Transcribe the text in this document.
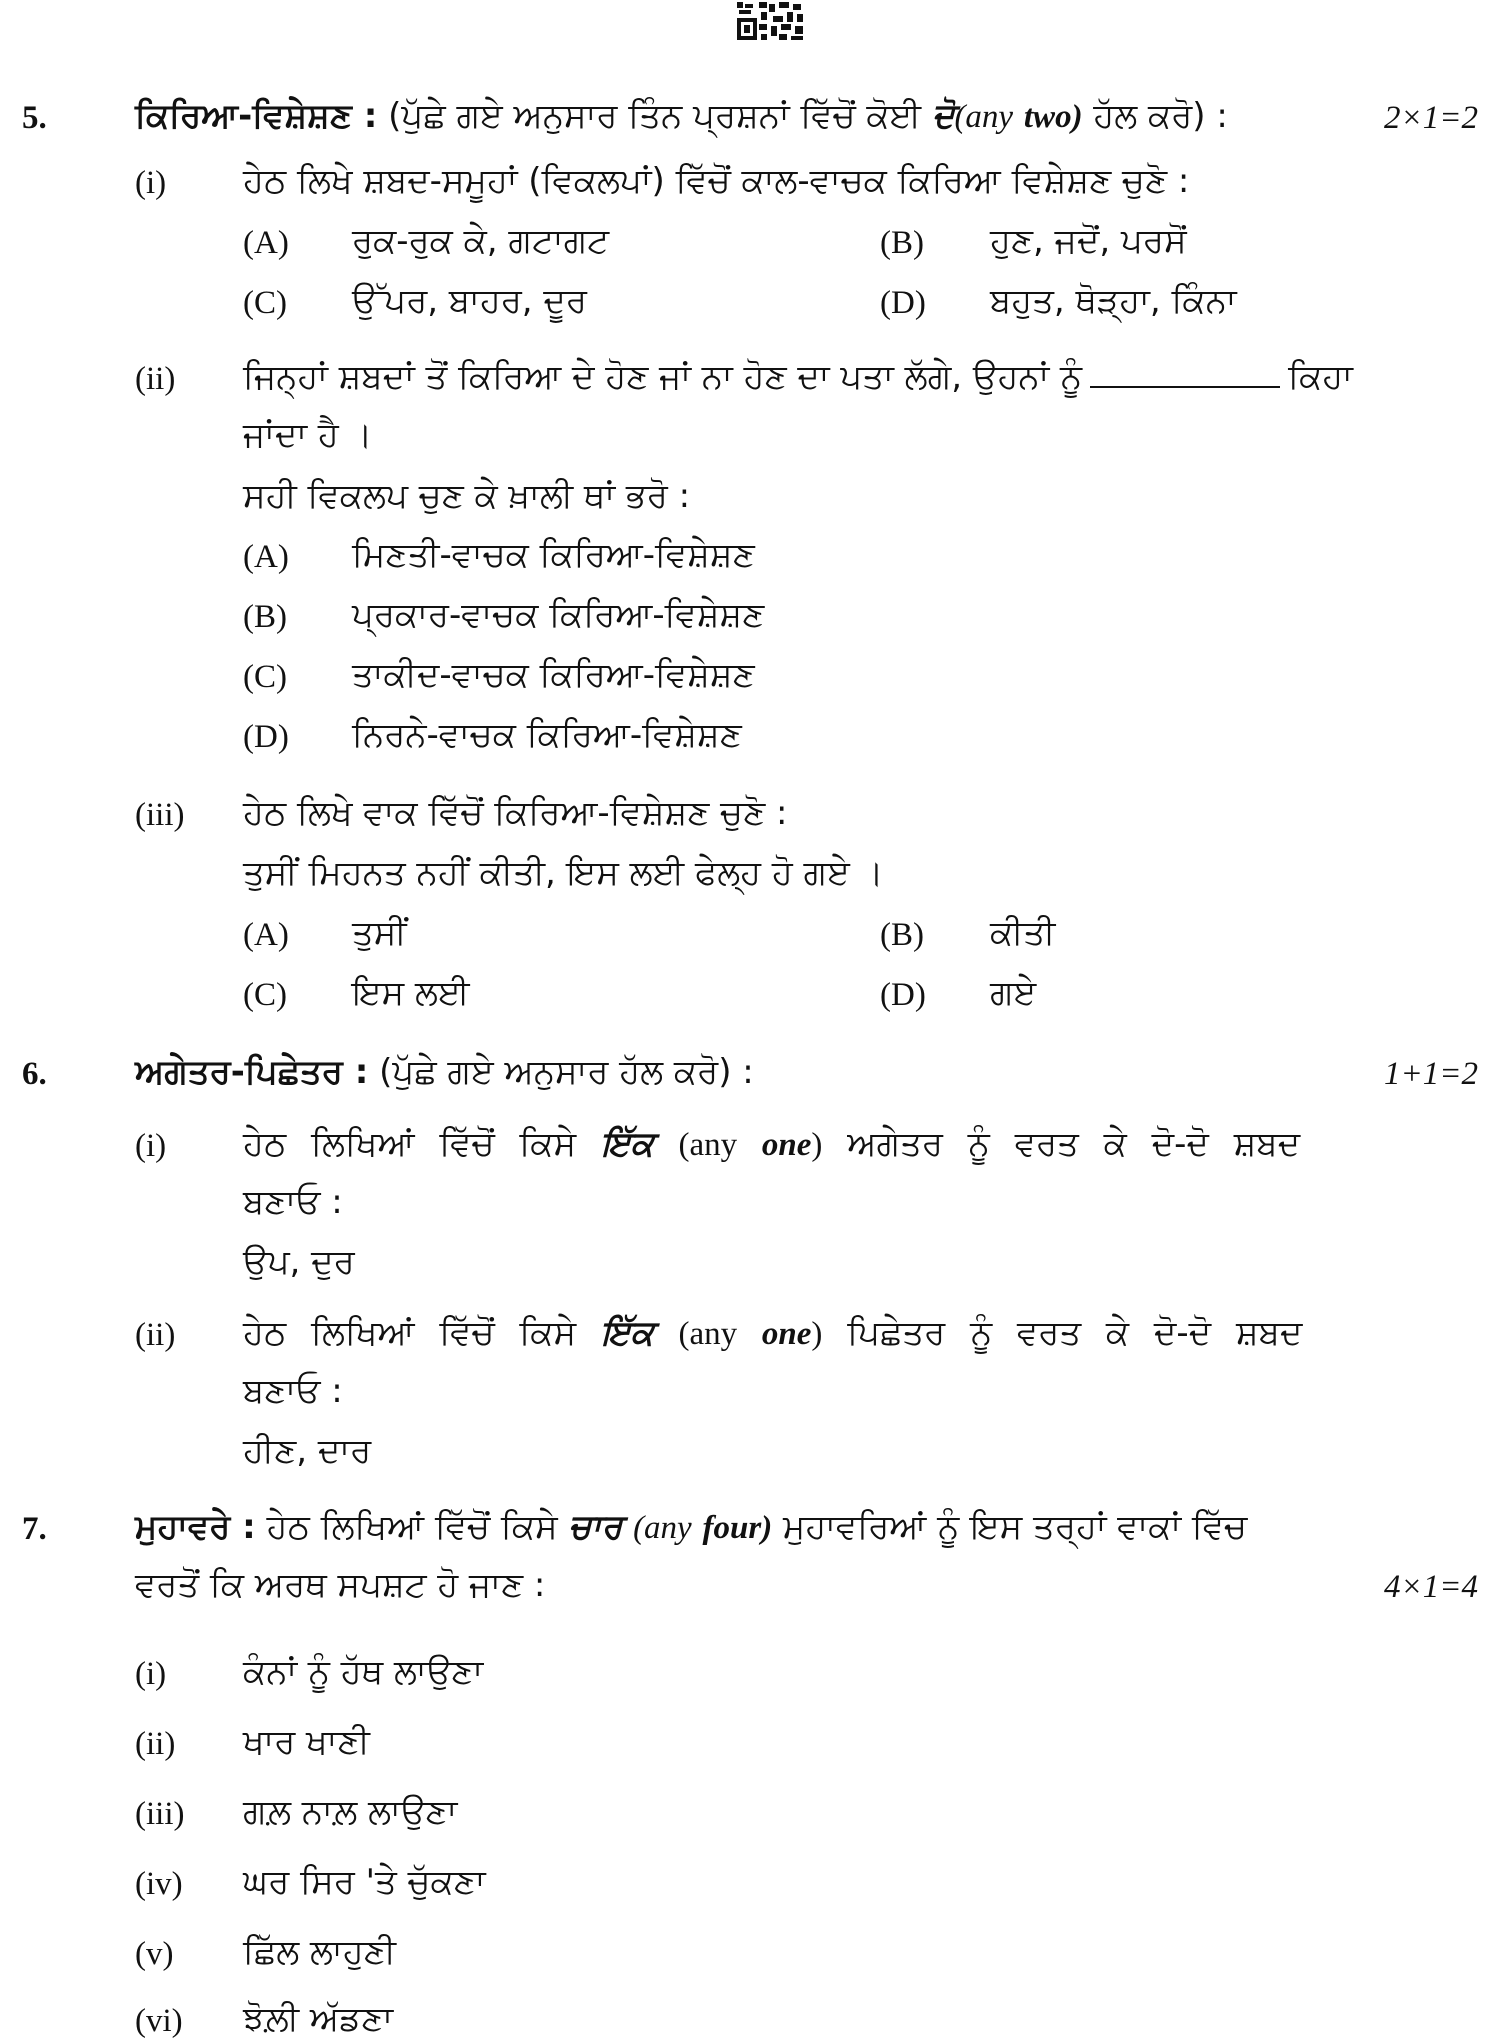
5.	ਕਿਰਿਆ-ਵਿਸ਼ੇਸ਼ਣ : (ਪੁੱਛੇ ਗਏ ਅਨੁਸਾਰ ਤਿੰਨ ਪ੍ਰਸ਼ਨਾਂ ਵਿੱਚੋਂ ਕੋਈ ਦੋ(any two) ਹੱਲ ਕਰੋ) :	2×1=2
(i) ਹੇਠ ਲਿਖੇ ਸ਼ਬਦ-ਸਮੂਹਾਂ (ਵਿਕਲਪਾਂ) ਵਿੱਚੋਂ ਕਾਲ-ਵਾਚਕ ਕਿਰਿਆ ਵਿਸ਼ੇਸ਼ਣ ਚੁਣੋ :
(A) ਰੁਕ-ਰੁਕ ਕੇ, ਗਟਾਗਟ	(B) ਹੁਣ, ਜਦੋਂ, ਪਰਸੋਂ
(C) ਉੱਪਰ, ਬਾਹਰ, ਦੂਰ	(D) ਬਹੁਤ, ਥੋੜ੍ਹਾ, ਕਿੰਨਾ
(ii) ਜਿਨ੍ਹਾਂ ਸ਼ਬਦਾਂ ਤੋਂ ਕਿਰਿਆ ਦੇ ਹੋਣ ਜਾਂ ਨਾ ਹੋਣ ਦਾ ਪਤਾ ਲੱਗੇ, ਉਹਨਾਂ ਨੂੰ	ਕਿਹਾ
ਜਾਂਦਾ ਹੈ ।
ਸਹੀ ਵਿਕਲਪ ਚੁਣ ਕੇ ਖ਼ਾਲੀ ਥਾਂ ਭਰੋ :
(A) ਮਿਣਤੀ-ਵਾਚਕ ਕਿਰਿਆ-ਵਿਸ਼ੇਸ਼ਣ
(B) ਪ੍ਰਕਾਰ-ਵਾਚਕ ਕਿਰਿਆ-ਵਿਸ਼ੇਸ਼ਣ
(C) ਤਾਕੀਦ-ਵਾਚਕ ਕਿਰਿਆ-ਵਿਸ਼ੇਸ਼ਣ
(D) ਨਿਰਨੇ-ਵਾਚਕ ਕਿਰਿਆ-ਵਿਸ਼ੇਸ਼ਣ
(iii) ਹੇਠ ਲਿਖੇ ਵਾਕ ਵਿੱਚੋਂ ਕਿਰਿਆ-ਵਿਸ਼ੇਸ਼ਣ ਚੁਣੋ :
ਤੁਸੀਂ ਮਿਹਨਤ ਨਹੀਂ ਕੀਤੀ, ਇਸ ਲਈ ਫੇਲ੍ਹ ਹੋ ਗਏ ।
(A) ਤੁਸੀਂ	(B) ਕੀਤੀ
(C) ਇਸ ਲਈ	(D) ਗਏ
6.	ਅਗੇਤਰ-ਪਿਛੇਤਰ : (ਪੁੱਛੇ ਗਏ ਅਨੁਸਾਰ ਹੱਲ ਕਰੋ) :	1+1=2
(i) ਹੇਠ ਲਿਖਿਆਂ ਵਿੱਚੋਂ ਕਿਸੇ ਇੱਕ (any one) ਅਗੇਤਰ ਨੂੰ ਵਰਤ ਕੇ ਦੋ-ਦੋ ਸ਼ਬਦ
ਬਣਾਓ :
ਉਪ, ਦੁਰ
(ii) ਹੇਠ ਲਿਖਿਆਂ ਵਿੱਚੋਂ ਕਿਸੇ ਇੱਕ (any one) ਪਿਛੇਤਰ ਨੂੰ ਵਰਤ ਕੇ ਦੋ-ਦੋ ਸ਼ਬਦ
ਬਣਾਓ :
ਹੀਣ, ਦਾਰ
7.	ਮੁਹਾਵਰੇ : ਹੇਠ ਲਿਖਿਆਂ ਵਿੱਚੋਂ ਕਿਸੇ ਚਾਰ (any four) ਮੁਹਾਵਰਿਆਂ ਨੂੰ ਇਸ ਤਰ੍ਹਾਂ ਵਾਕਾਂ ਵਿੱਚ
ਵਰਤੋਂ ਕਿ ਅਰਥ ਸਪਸ਼ਟ ਹੋ ਜਾਣ :	4×1=4
(i) ਕੰਨਾਂ ਨੂੰ ਹੱਥ ਲਾਉਣਾ
(ii) ਖਾਰ ਖਾਣੀ
(iii) ਗਲ਼ ਨਾਲ਼ ਲਾਉਣਾ
(iv) ਘਰ ਸਿਰ 'ਤੇ ਚੁੱਕਣਾ
(v) ਛਿੱਲ ਲਾਹੁਣੀ
(vi) ਝੋਲ਼ੀ ਅੱਡਣਾ
